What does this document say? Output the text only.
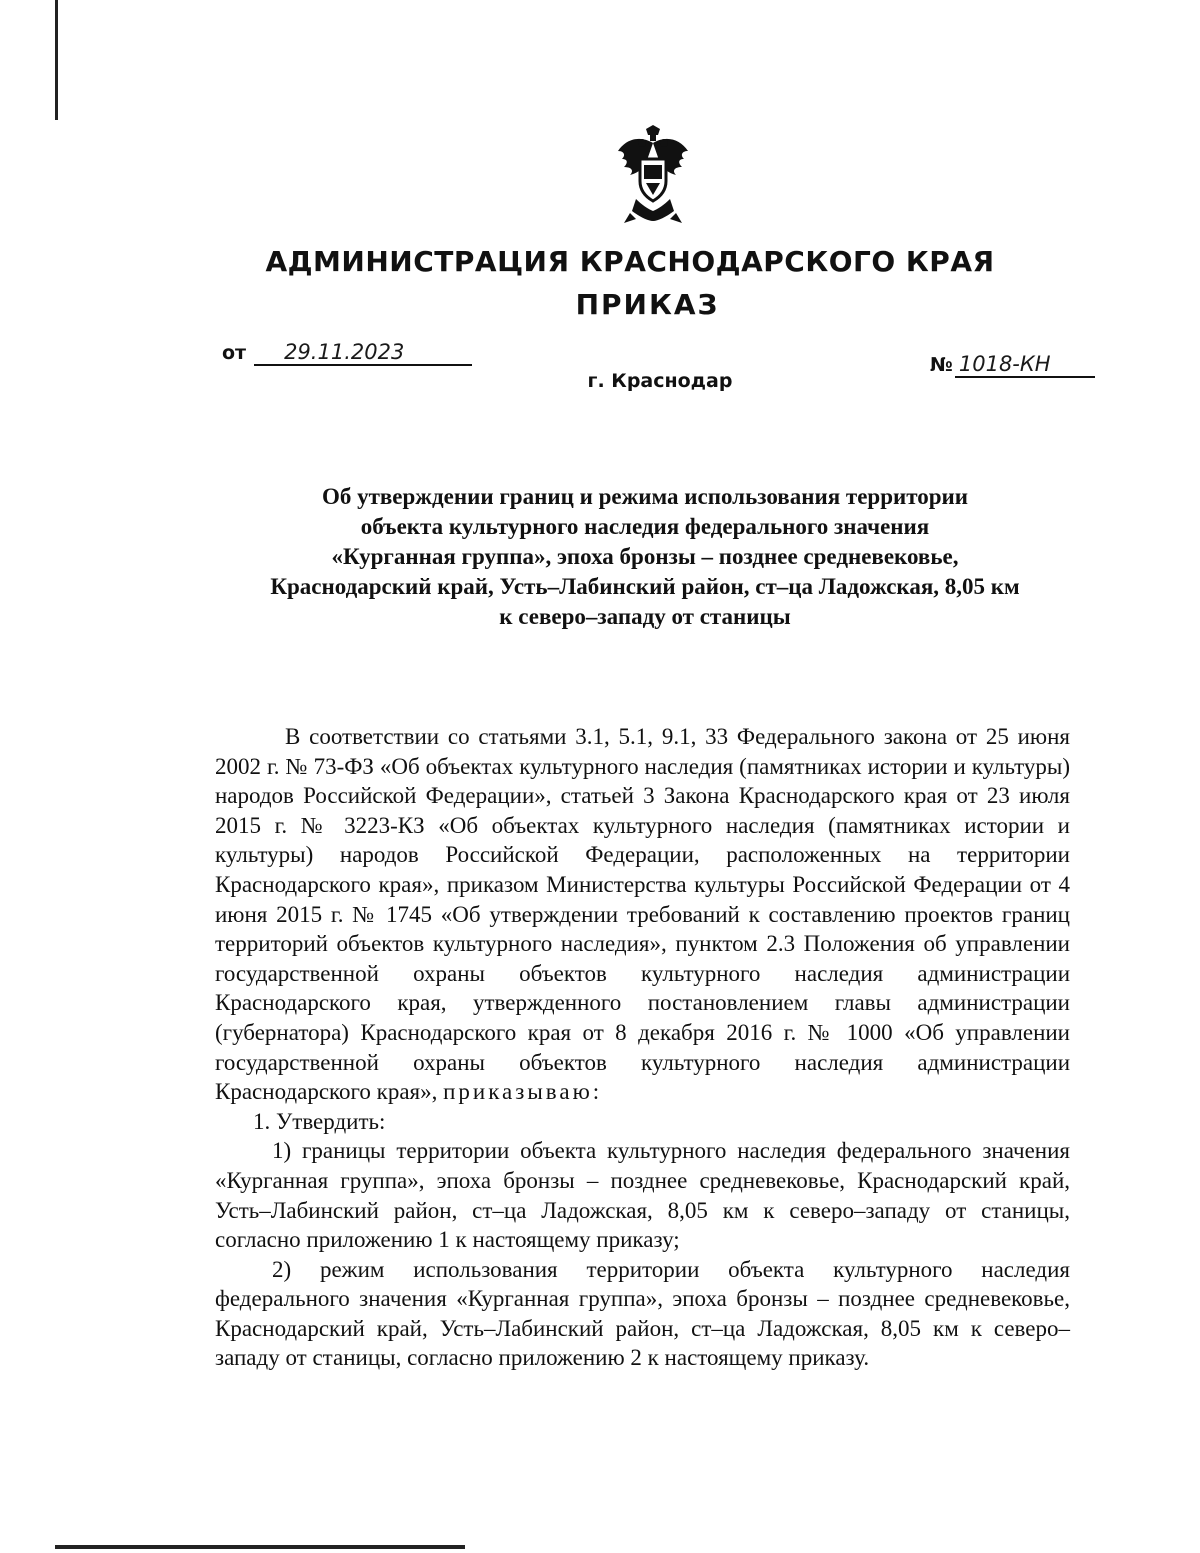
АДМИНИСТРАЦИЯ КРАСНОДАРСКОГО КРАЯ
ПРИКАЗ
от 29.11.2023
№ 1018-КН
г. Краснодар
Об утверждении границ и режима использования территории
объекта культурного наследия федерального значения
«Курганная группа», эпоха бронзы – позднее средневековье,
Краснодарский край, Усть–Лабинский район, ст–ца Ладожская, 8,05 км
к северо–западу от станицы

В соответствии со статьями 3.1, 5.1, 9.1, 33 Федерального закона от 25 июня 2002 г. № 73-ФЗ «Об объектах культурного наследия (памятниках истории и культуры) народов Российской Федерации», статьей 3 Закона Краснодарского края от 23 июля 2015 г. № 3223-КЗ «Об объектах культурного наследия (памятниках истории и культуры) народов Российской Федерации, расположенных на территории Краснодарского края», приказом Министерства культуры Российской Федерации от 4 июня 2015 г. № 1745 «Об утверждении требований к составлению проектов границ территорий объектов культурного наследия», пунктом 2.3 Положения об управлении государственной охраны объектов культурного наследия администрации Краснодарского края, утвержденного постановлением главы администрации (губернатора) Краснодарского края от 8 декабря 2016 г. № 1000 «Об управлении государственной охраны объектов культурного наследия администрации Краснодарского края», приказываю:

1. Утвердить:

1) границы территории объекта культурного наследия федерального значения «Курганная группа», эпоха бронзы – позднее средневековье, Краснодарский край, Усть–Лабинский район, ст–ца Ладожская, 8,05 км к северо–западу от станицы, согласно приложению 1 к настоящему приказу;

2) режим использования территории объекта культурного наследия федерального значения «Курганная группа», эпоха бронзы – позднее средневековье, Краснодарский край, Усть–Лабинский район, ст–ца Ладожская, 8,05 км к северо–западу от станицы, согласно приложению 2 к настоящему приказу.
